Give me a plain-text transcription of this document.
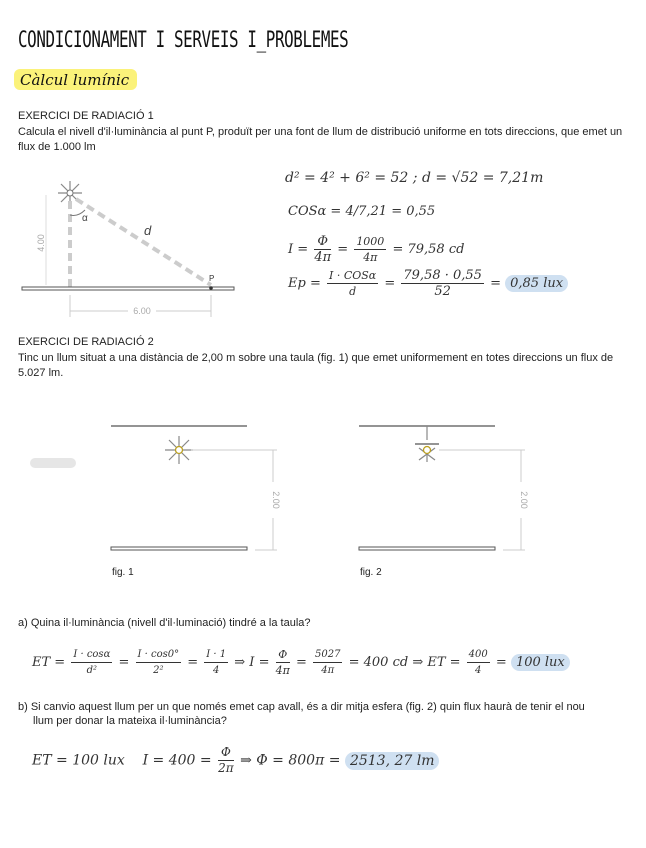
CONDICIONAMENT I SERVEIS I_PROBLEMES
Càlcul lumínic
EXERCICI DE RADIACIÓ 1
Calcula el nivell d'il·luminància al punt P, produït per una font de llum de distribució uniforme en tots direccions, que emet un flux de 1.000 lm
α
d
4.00
P
6.00
d² = 4² + 6² = 52 ; d = √52 = 7,21m
COSα = 4/7,21 = 0,55
$I = \frac{\Phi}{4\pi} = \frac{1000}{4\pi} = 79,58$ cd
$Ep = \frac{\text{I · COSα}}{d} = \frac{79,58 \cdot 0,55}{52} = 0,85$ lux
EXERCICI DE RADIACIÓ 2
Tinc un llum situat a una distància de 2,00 m sobre una taula (fig. 1) que emet uniformement en totes direccions un flux de 5.027 lm.
2.00
fig. 1
2.00
fig. 2
a) Quina il·luminància (nivell d'il·luminació) tindré a la taula?
ET = $\frac{I \cdot \cos\alpha}{\text{d²}} = \frac{I \cdot \cos 0^\circ}{\text{2²}} = \frac{I \cdot 1}{4}$ ⇒ $I = \frac{\Phi}{4\pi} = \frac{5027}{4\pi} = 400$ cd ⇒ ET = $\frac{400}{4} = 100$ lux
b) Si canvio aquest llum per un que només emet cap avall, és a dir mitja esfera (fig. 2) quin flux haurà de tenir el nou
llum per donar la mateixa il·luminància?
ET = 100 lux $I = 400 = \frac{\Phi}{2\pi}$ ⇒ Φ = 800π = 2513, 27 lm
